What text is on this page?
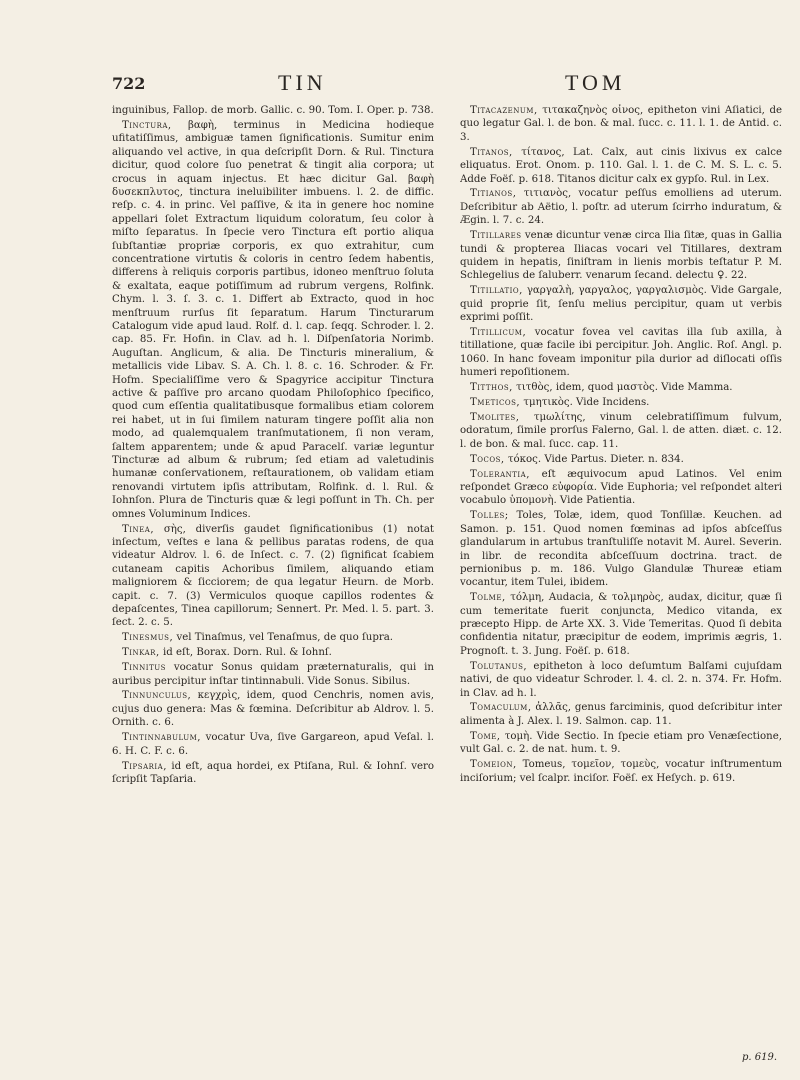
722	TIN	TOM

inguinibus, Fallop. de morb. Gallic. c. 90. Tom. I. Oper. p. 738.

Tinctura, βαφὴ, terminus in Medicina hodieque ufitatiſſimus, ambiguæ tamen ſignificationis. Sumitur enim aliquando vel active, in qua deſcripſit Dorn. & Rul. Tinctura dicitur, quod colore ſuo penetrat & tingit alia corpora; ut crocus in aquam injectus. Et hæc dicitur Gal. βαφὴ δυσεκπλυτος, tinctura ineluibiliter imbuens. l. 2. de diffic. reſp. c. 4. in princ. Vel paſſive, & ita in genere hoc nomine appellari ſolet Extractum liquidum coloratum, ſeu color à miſto ſeparatus. In ſpecie vero Tinctura eſt portio aliqua ſubſtantiæ propriæ corporis, ex quo extrahitur, cum concentratione virtutis & coloris in centro ſedem habentis, differens à reliquis corporis partibus, idoneo menſtruo ſoluta & exaltata, eaque potiſſimum ad rubrum vergens, Rolfink. Chym. l. 3. ſ. 3. c. 1. Differt ab Extracto, quod in hoc menſtruum rurſus ſit ſeparatum. Harum Tincturarum Catalogum vide apud laud. Rolf. d. l. cap. ſeqq. Schroder. l. 2. cap. 85. Fr. Hofin. in Clav. ad h. l. Diſpenſatoria Norimb. Auguſtan. Anglicum, & alia. De Tincturis mineralium, & metallicis vide Libav. S. A. Ch. l. 8. c. 16. Schroder. & Fr. Hofm. Specialiſſime vero & Spagyrice accipitur Tinctura active & paſſive pro arcano quodam Philoſophico ſpecifico, quod cum eſſentia qualitatibusque formalibus etiam colorem rei habet, ut in ſui ſimilem naturam tingere poſſit alia non modo, ad qualemqualem tranſmutationem, ſi non veram, ſaltem apparentem; unde & apud Paracelſ. variæ leguntur Tincturæ ad album & rubrum; ſed etiam ad valetudinis humanæ conſervationem, reſtaurationem, ob validam etiam renovandi virtutem ipſis attributam, Rolfink. d. l. Rul. & Iohnſon. Plura de Tincturis quæ & legi poſſunt in Th. Ch. per omnes Voluminum Indices.

Tinea, σὴς, diverſis gaudet ſignificationibus (1) notat inſectum, veſtes e lana & pellibus paratas rodens, de qua videatur Aldrov. l. 6. de Inſect. c. 7. (2) ſignificat ſcabiem cutaneam capitis Achoribus ſimilem, aliquando etiam maligniorem & ſicciorem; de qua legatur Heurn. de Morb. capit. c. 7. (3) Vermiculos quoque capillos rodentes & depaſcentes, Tinea capillorum; Sennert. Pr. Med. l. 5. part. 3. ſect. 2. c. 5.

Tinesmus, vel Tinaſmus, vel Tenaſmus, de quo ſupra.

Tinkar, id eſt, Borax. Dorn. Rul. & Iohnſ.

Tinnitus vocatur Sonus quidam præternaturalis, qui in auribus percipitur inſtar tintinnabuli. Vide Sonus. Sibilus.

Tinnunculus, κεγχρὶς, idem, quod Cenchris, nomen avis, cujus duo genera: Mas & fœmina. Deſcribitur ab Aldrov. l. 5. Ornith. c. 6.

Tintinnabulum, vocatur Uva, ſive Gargareon, apud Veſal. l. 6. H. C. F. c. 6.

Tipsaria, id eſt, aqua hordei, ex Ptiſana, Rul. & Iohnſ. vero ſcripſit Tapſaria.

Titacazenum, τιτακαζηνὸς οἶνος, epitheton vini Aſiatici, de quo legatur Gal. l. de bon. & mal. ſucc. c. 11. l. 1. de Antid. c. 3.

Titanos, τίτανος, Lat. Calx, aut cinis lixivus ex calce eliquatus. Erot. Onom. p. 110. Gal. l. 1. de C. M. S. L. c. 5. Adde Foëſ. p. 618. Titanos dicitur calx ex gypſo. Rul. in Lex.

Titianos, τιτιανὸς, vocatur peſſus emolliens ad uterum. Deſcribitur ab Aëtio, l. poſtr. ad uterum ſcirrho induratum, & Ægin. l. 7. c. 24.

Titillares venæ dicuntur venæ circa Ilia ſitæ, quas in Gallia tundi & propterea Iliacas vocari vel Titillares, dextram quidem in hepatis, ſiniſtram in lienis morbis teſtatur P. M. Schlegelius de ſaluberr. venarum ſecand. delectu ♀. 22.

Titillatio, γαργαλὴ, γαργαλος, γαργαλισμὸς. Vide Gargale, quid proprie ſit, ſenſu melius percipitur, quam ut verbis exprimi poſſit.

Titillicum, vocatur fovea vel cavitas illa ſub axilla, à titillatione, quæ facile ibi percipitur. Joh. Anglic. Roſ. Angl. p. 1060. In hanc foveam imponitur pila durior ad diſlocati oſſis humeri repoſitionem.

Titthos, τιτθὸς, idem, quod μαστὸς. Vide Mamma.

Tmeticos, τμητικὸς. Vide Incidens.

Tmolites, τμωλίτης, vinum celebratiſſimum fulvum, odoratum, ſimile prorſus Falerno, Gal. l. de atten. diæt. c. 12. l. de bon. & mal. ſucc. cap. 11.

Tocos, τόκος. Vide Partus. Dieter. n. 834.

Tolerantia, eſt æquivocum apud Latinos. Vel enim reſpondet Græco εὐφορία. Vide Euphoria; vel reſpondet alteri vocabulo ὑπομονὴ. Vide Patientia.

Tolles; Toles, Tolæ, idem, quod Tonſillæ. Keuchen. ad Samon. p. 151. Quod nomen fœminas ad ipſos abſceſſus glandularum in artubus tranſtuliſſe notavit M. Aurel. Severin. in libr. de recondita abſceſſuum doctrina. tract. de pernionibus p. m. 186. Vulgo Glandulæ Thureæ etiam vocantur, item Tulei, ibidem.

Tolme, τόλμη, Audacia, & τολμηρὸς, audax, dicitur, quæ ſi cum temeritate fuerit conjuncta, Medico vitanda, ex præcepto Hipp. de Arte XX. 3. Vide Temeritas. Quod ſi debita confidentia nitatur, præcipitur de eodem, imprimis ægris, 1. Prognoſt. t. 3. Jung. Foëſ. p. 618.

Tolutanus, epitheton à loco deſumtum Balſami cujuſdam nativi, de quo videatur Schroder. l. 4. cl. 2. n. 374. Fr. Hofm. in Clav. ad h. l.

Tomaculum, ἀλλᾶς, genus farciminis, quod deſcribitur inter alimenta à J. Alex. l. 19. Salmon. cap. 11.

Tome, τομὴ. Vide Sectio. In ſpecie etiam pro Venæſectione, vult Gal. c. 2. de nat. hum. t. 9.

Tomeion, Tomeus, τομεῖον, τομεὺς, vocatur inſtrumentum inciſorium; vel ſcalpr. inciſor. Foëſ. ex Heſych. p. 619.

p. 619.
